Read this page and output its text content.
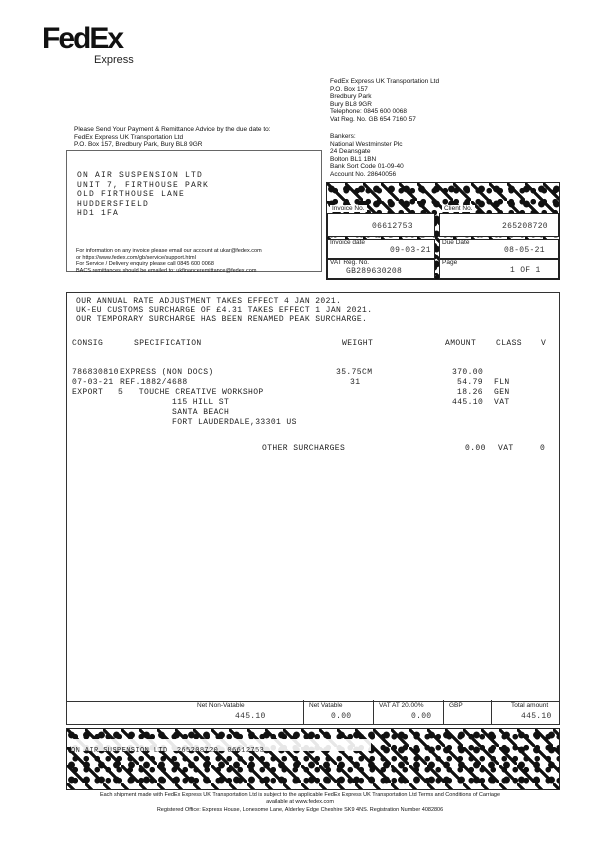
FedEx
Express
FedEx Express UK Transportation Ltd
P.O. Box 157
Bredbury Park
Bury BL8 9GR
Telephone: 0845 600 0068
Vat Reg. No. GB 654 7160 57
Please Send Your Payment & Remittance Advice by the due date to:
FedEx Express UK Transportation Ltd
P.O. Box 157, Bredbury Park, Bury BL8 9GR
Bankers:
National Westminster Plc
24 Deansgate
Bolton BL1 1BN
Bank Sort Code 01-09-40
Account No. 28640056
ON AIR SUSPENSION LTD
UNIT 7, FIRTHOUSE PARK
OLD FIRTHOUSE LANE
HUDDERSFIELD
HD1 1FA
For information on any invoice please email our account at ukar@fedex.com
or https://www.fedex.com/gb/service/support.html
For Service / Delivery enquiry please call 0845 600 0068
BACS remittances should be emailed to: ukfinanceremittance@fedex.com
Invoice No.
06612753
Client No.
265208720
Invoice date
09-03-21
Due Date
08-05-21
VAT Reg. No.
GB289630208
Page
1 OF 1
OUR ANNUAL RATE ADJUSTMENT TAKES EFFECT 4 JAN 2021.
UK-EU CUSTOMS SURCHARGE OF £4.31 TAKES EFFECT 1 JAN 2021.
OUR TEMPORARY SURCHARGE HAS BEEN RENAMED PEAK SURCHARGE.
CONSIG	SPECIFICATION	WEIGHT	AMOUNT CLASS V
786830810 EXPRESS (NON DOCS)	35.75CM	370.00
07-03-21 REF.1882/4688	31	54.79 FLN
EXPORT 5   TOUCHE CREATIVE WORKSHOP	18.26 GEN
115 HILL ST	445.10 VAT
SANTA BEACH
FORT LAUDERDALE,33301 US
OTHER SURCHARGES	0.00 VAT	0
Net Non-Vatable
445.10
Net Vatable
0.00
VAT AT 20.00%
0.00
GBP	Total amount
445.10
ON AIR SUSPENSION LTD  265208720  06612753
Each shipment made with FedEx Express UK Transportation Ltd is subject to the applicable FedEx Express UK Transportation Ltd Terms and Conditions of Carriage
available at www.fedex.com
Registered Office: Express House, Lonesome Lane, Alderley Edge Cheshire SK9 4NS. Registration Number 4082806
